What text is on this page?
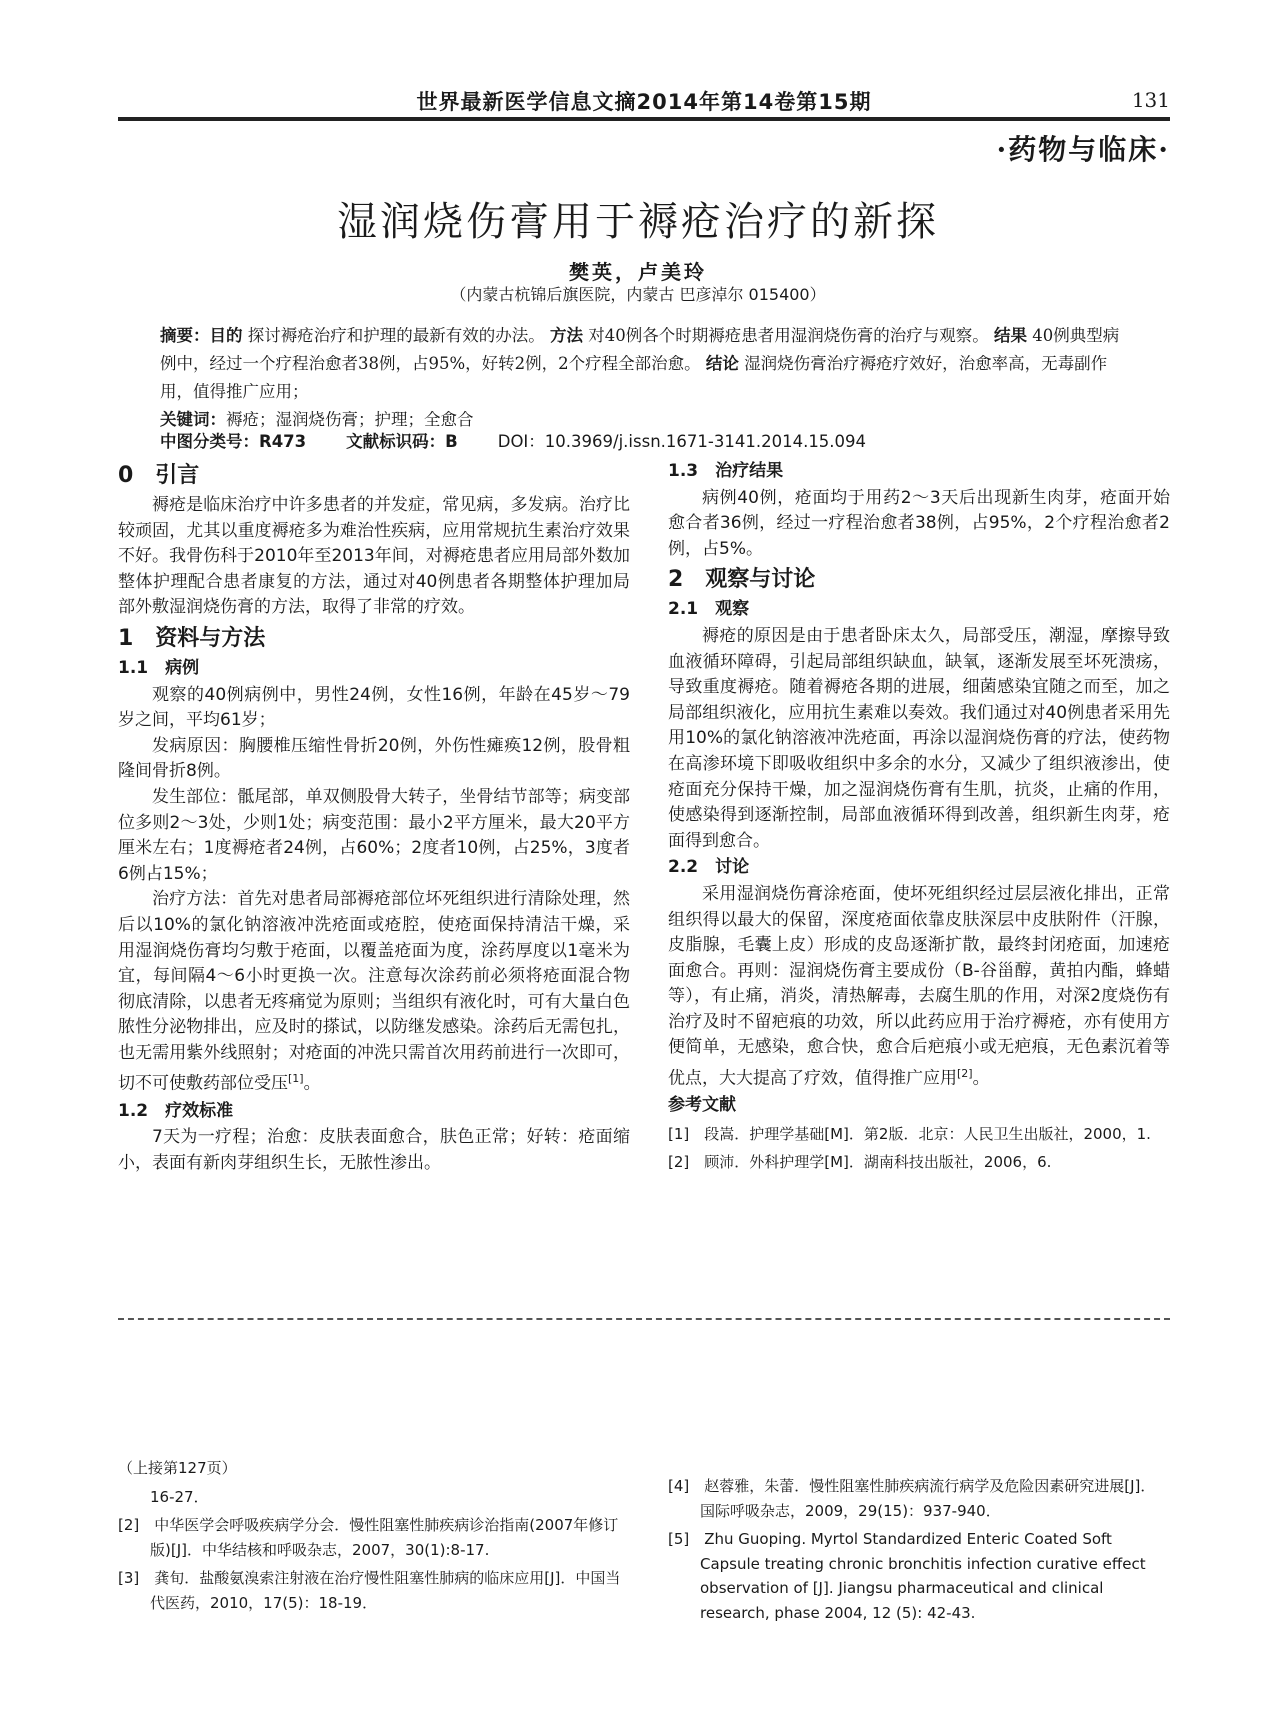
世界最新医学信息文摘2014年第14卷第15期	131
·药物与临床·
湿润烧伤膏用于褥疮治疗的新探
樊英，卢美玲
（内蒙古杭锦后旗医院，内蒙古 巴彦淖尔 015400）

摘要：目的 探讨褥疮治疗和护理的最新有效的办法。 方法 对40例各个时期褥疮患者用湿润烧伤膏的治疗与观察。 结果 40例典型病例中，经过一个疗程治愈者38例，占95%，好转2例，2个疗程全部治愈。 结论 湿润烧伤膏治疗褥疮疗效好，治愈率高，无毒副作用，值得推广应用；

关键词：褥疮；湿润烧伤膏；护理；全愈合

中图分类号：R473 文献标识码：B DOI：10.3969/j.issn.1671-3141.2014.15.094
0　引言

褥疮是临床治疗中许多患者的并发症，常见病，多发病。治疗比较顽固，尤其以重度褥疮多为难治性疾病，应用常规抗生素治疗效果不好。我骨伤科于2010年至2013年间，对褥疮患者应用局部外数加整体护理配合患者康复的方法，通过对40例患者各期整体护理加局部外敷湿润烧伤膏的方法，取得了非常的疗效。

1　资料与方法
1.1　病例

观察的40例病例中，男性24例，女性16例，年龄在45岁～79岁之间，平均61岁；

发病原因：胸腰椎压缩性骨折20例，外伤性瘫痪12例，股骨粗隆间骨折8例。

发生部位：骶尾部，单双侧股骨大转子，坐骨结节部等；病变部位多则2～3处，少则1处；病变范围：最小2平方厘米，最大20平方厘米左右；1度褥疮者24例，占60%；2度者10例，占25%，3度者6例占15%；

治疗方法：首先对患者局部褥疮部位坏死组织进行清除处理，然后以10%的氯化钠溶液冲洗疮面或疮腔，使疮面保持清洁干燥，采用湿润烧伤膏均匀敷于疮面，以覆盖疮面为度，涂药厚度以1毫米为宜，每间隔4～6小时更换一次。注意每次涂药前必须将疮面混合物彻底清除，以患者无疼痛觉为原则；当组织有液化时，可有大量白色脓性分泌物排出，应及时的搽试，以防继发感染。涂药后无需包扎，也无需用紫外线照射；对疮面的冲洗只需首次用药前进行一次即可，切不可使敷药部位受压[1]。

1.2　疗效标准

7天为一疗程；治愈：皮肤表面愈合，肤色正常；好转：疮面缩小，表面有新肉芽组织生长，无脓性渗出。

1.3　治疗结果

病例40例，疮面均于用药2～3天后出现新生肉芽，疮面开始愈合者36例，经过一疗程治愈者38例，占95%，2个疗程治愈者2例，占5%。

2　观察与讨论
2.1　观察

褥疮的原因是由于患者卧床太久，局部受压，潮湿，摩擦导致血液循环障碍，引起局部组织缺血，缺氧，逐渐发展至坏死溃疡，导致重度褥疮。随着褥疮各期的进展，细菌感染宜随之而至，加之局部组织液化，应用抗生素难以奏效。我们通过对40例患者采用先用10%的氯化钠溶液冲洗疮面，再涂以湿润烧伤膏的疗法，使药物在高渗环境下即吸收组织中多余的水分，又减少了组织液渗出，使疮面充分保持干燥，加之湿润烧伤膏有生肌，抗炎，止痛的作用，使感染得到逐渐控制，局部血液循环得到改善，组织新生肉芽，疮面得到愈合。

2.2　讨论

采用湿润烧伤膏涂疮面，使坏死组织经过层层液化排出，正常组织得以最大的保留，深度疮面依靠皮肤深层中皮肤附件（汗腺，皮脂腺，毛囊上皮）形成的皮岛逐渐扩散，最终封闭疮面，加速疮面愈合。再则：湿润烧伤膏主要成份（B-谷甾醇，黄拍内酯，蜂蜡等），有止痛，消炎，清热解毒，去腐生肌的作用，对深2度烧伤有治疗及时不留疤痕的功效，所以此药应用于治疗褥疮，亦有使用方便简单，无感染，愈合快，愈合后疤痕小或无疤痕，无色素沉着等优点，大大提高了疗效，值得推广应用[2]。

参考文献

[1]　段嵩．护理学基础[M]．第2版．北京：人民卫生出版社，2000，1.

[2]　顾沛．外科护理学[M]．湖南科技出版社，2006，6.

（上接第127页）

16-27．

[2]　中华医学会呼吸疾病学分会．慢性阻塞性肺疾病诊治指南(2007年修订版)[J]．中华结核和呼吸杂志，2007，30(1):8-17.

[3]　龚旬．盐酸氨溴索注射液在治疗慢性阻塞性肺病的临床应用[J]．中国当代医药，2010，17(5)：18-19．

[4]　赵蓉雅，朱蕾．慢性阻塞性肺疾病流行病学及危险因素研究进展[J]．国际呼吸杂志，2009，29(15)：937-940．

[5]　Zhu Guoping. Myrtol Standardized Enteric Coated Soft Capsule treating chronic bronchitis infection curative effect observation of [J]. Jiangsu pharmaceutical and clinical research, phase 2004, 12 (5): 42-43.
